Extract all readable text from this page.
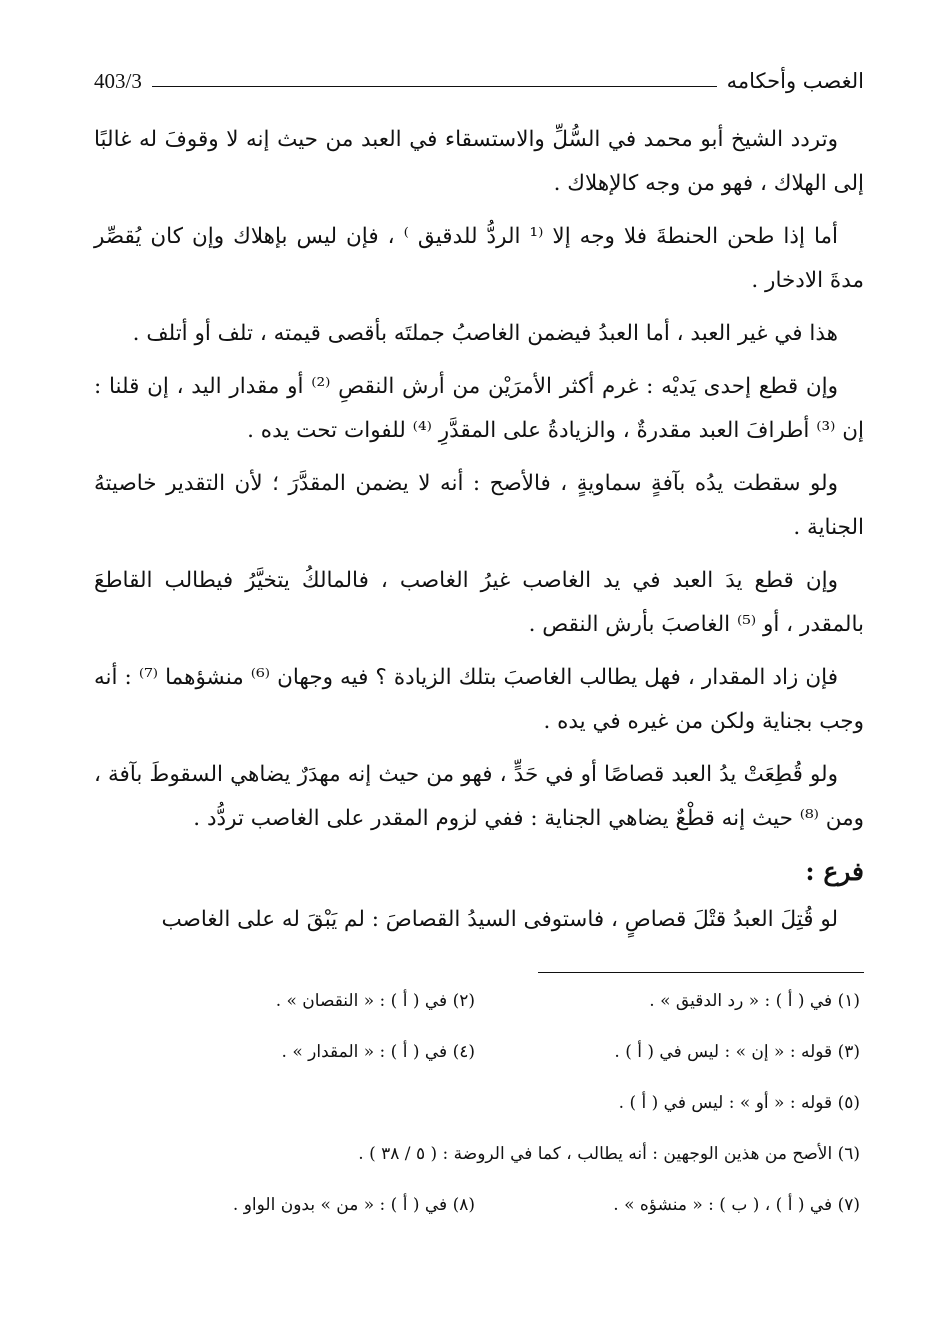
الغصب وأحكامه
403/3

وتردد الشيخ أبو محمد في السُّلِّ والاستسقاء في العبد من حيث إنه لا وقوفَ له غالبًا إلى الهلاك ، فهو من وجه كالإهلاك .

أما إذا طحن الحنطةَ فلا وجه إلا ⁽¹ الردُّ للدقيق ⁾ ، فإن ليس بإهلاك وإن كان يُقصِّر مدةَ الادخار .

هذا في غير العبد ، أما العبدُ فيضمن الغاصبُ جملتَه بأقصى قيمته ، تلف أو أتلف .

وإن قطع إحدى يَديْه : غرم أكثر الأمرَيْن من أرش النقصِ ⁽²⁾ أو مقدار اليد ، إن قلنا : إن ⁽³⁾ أطرافَ العبد مقدرةٌ ، والزيادةُ على المقدَّرِ ⁽⁴⁾ للفوات تحت يده .

ولو سقطت يدُه بآفةٍ سماويةٍ ، فالأصح : أنه لا يضمن المقدَّرَ ؛ لأن التقدير خاصيتهُ الجناية .

وإن قطع يدَ العبد في يد الغاصب غيرُ الغاصب ، فالمالكُ يتخيَّرُ فيطالب القاطعَ بالمقدر ، أو ⁽⁵⁾ الغاصبَ بأرش النقص .

فإن زاد المقدار ، فهل يطالب الغاصبَ بتلك الزيادة ؟ فيه وجهان ⁽⁶⁾ منشؤهما ⁽⁷⁾ : أنه وجب بجناية ولكن من غيره في يده .

ولو قُطِعَتْ يدُ العبد قصاصًا أو في حَدٍّ ، فهو من حيث إنه مهدَرٌ يضاهي السقوطَ بآفة ، ومن ⁽⁸⁾ حيث إنه قطْعٌ يضاهي الجناية : ففي لزوم المقدر على الغاصب تردُّد .

فرع :

لو قُتِلَ العبدُ قتْلَ قصاصٍ ، فاستوفى السيدُ القصاصَ : لم يَبْقَ له على الغاصب

(١) في ( أ ) : « رد الدقيق » .
(٢) في ( أ ) : « النقصان » .
(٣) قوله : « إن » : ليس في ( أ ) .
(٤) في ( أ ) : « المقدار » .
(٥) قوله : « أو » : ليس في ( أ ) .
(٦) الأصح من هذين الوجهين : أنه يطالب ، كما في الروضة : ( ٥ / ٣٨ ) .
(٧) في ( أ ) ، ( ب ) : « منشؤه » .
(٨) في ( أ ) : « من » بدون الواو .
